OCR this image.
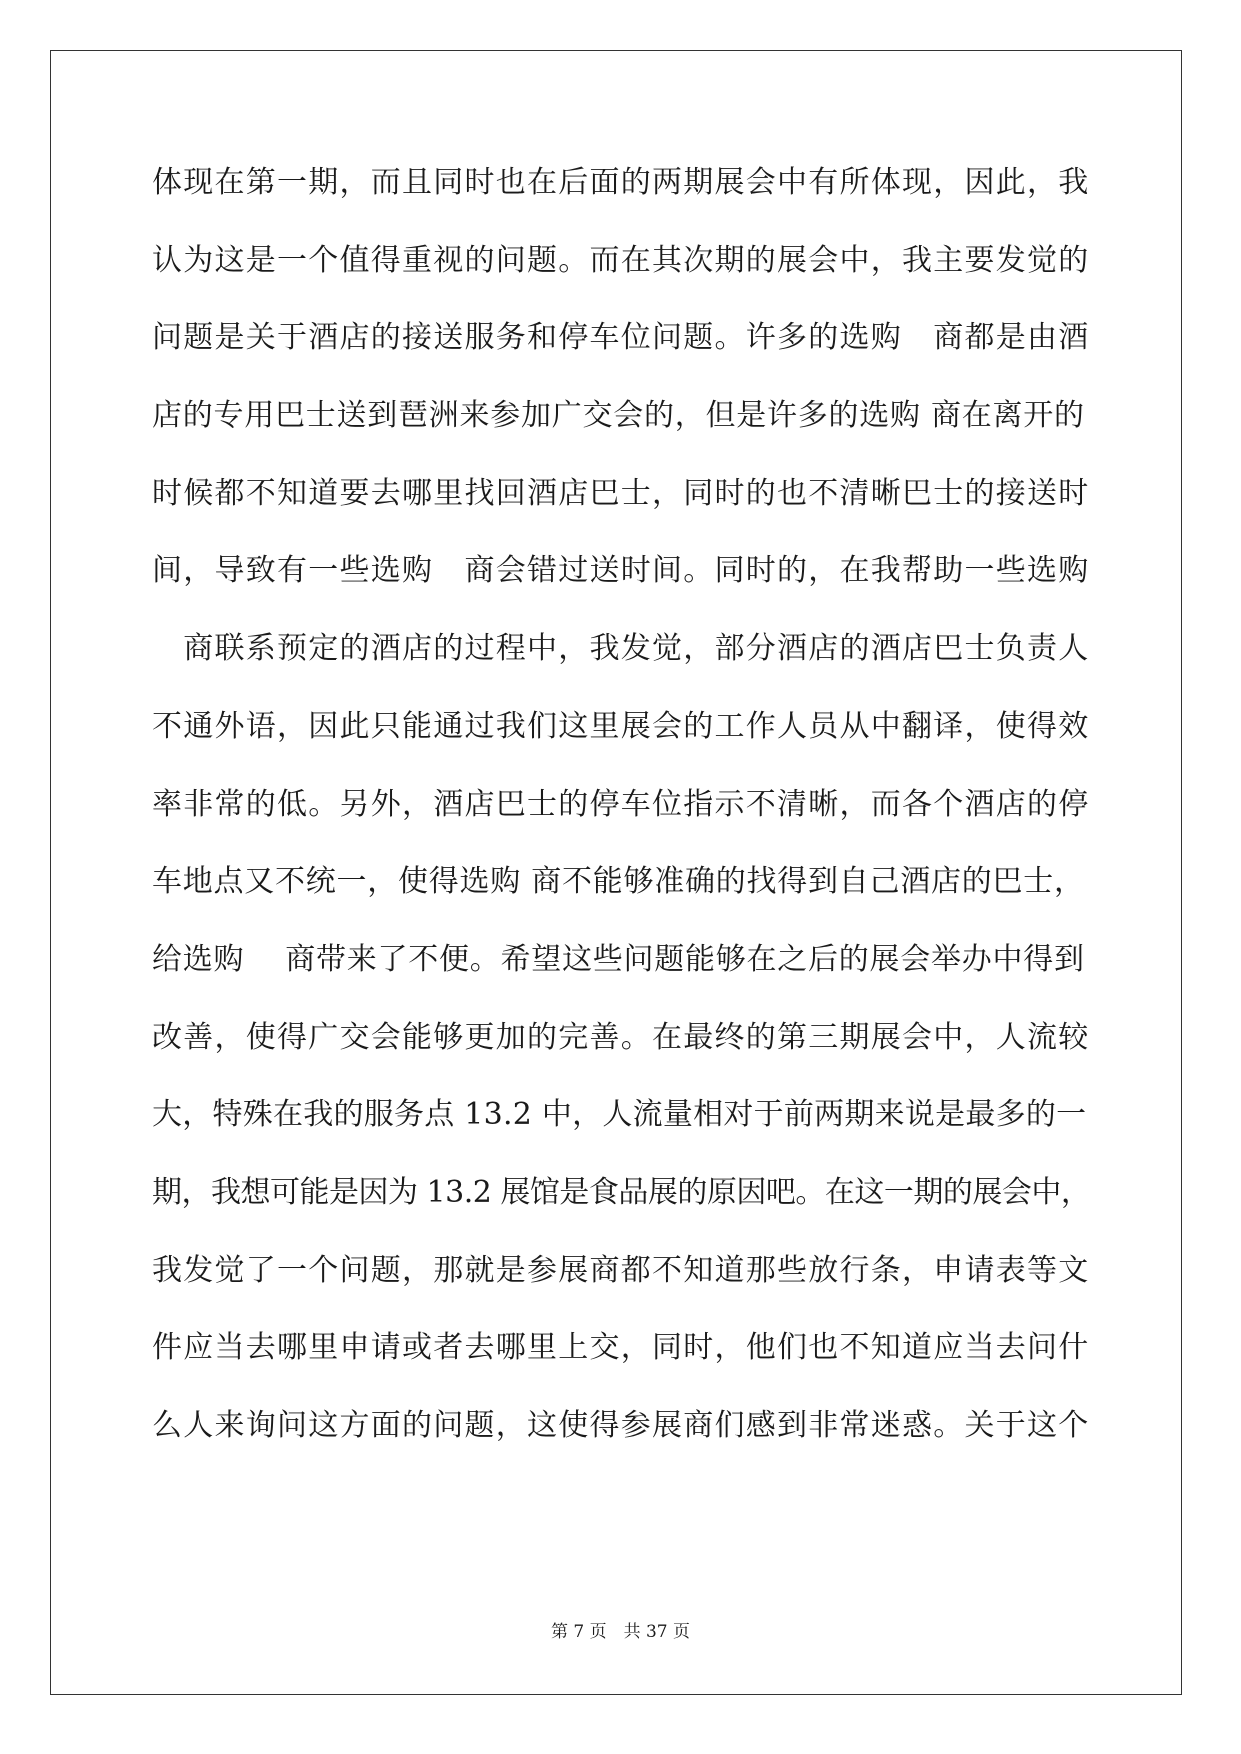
体现在第一期，而且同时也在后面的两期展会中有所体现，因此，我
认为这是一个值得重视的问题。而在其次期的展会中，我主要发觉的
问题是关于酒店的接送服务和停车位问题。许多的选购　商都是由酒
店的专用巴士送到琶洲来参加广交会的，但是许多的选购 商在离开的
时候都不知道要去哪里找回酒店巴士，同时的也不清晰巴士的接送时
间，导致有一些选购　商会错过送时间。同时的，在我帮助一些选购
　商联系预定的酒店的过程中，我发觉，部分酒店的酒店巴士负责人
不通外语，因此只能通过我们这里展会的工作人员从中翻译，使得效
率非常的低。另外，酒店巴士的停车位指示不清晰，而各个酒店的停
车地点又不统一，使得选购 商不能够准确的找得到自己酒店的巴士，
给选购　 商带来了不便。希望这些问题能够在之后的展会举办中得到
改善，使得广交会能够更加的完善。在最终的第三期展会中，人流较
大，特殊在我的服务点 13.2 中，人流量相对于前两期来说是最多的一
期，我想可能是因为 13.2 展馆是食品展的原因吧。在这一期的展会中，
我发觉了一个问题，那就是参展商都不知道那些放行条，申请表等文
件应当去哪里申请或者去哪里上交，同时，他们也不知道应当去问什
么人来询问这方面的问题，这使得参展商们感到非常迷惑。关于这个
第 7 页　共 37 页
